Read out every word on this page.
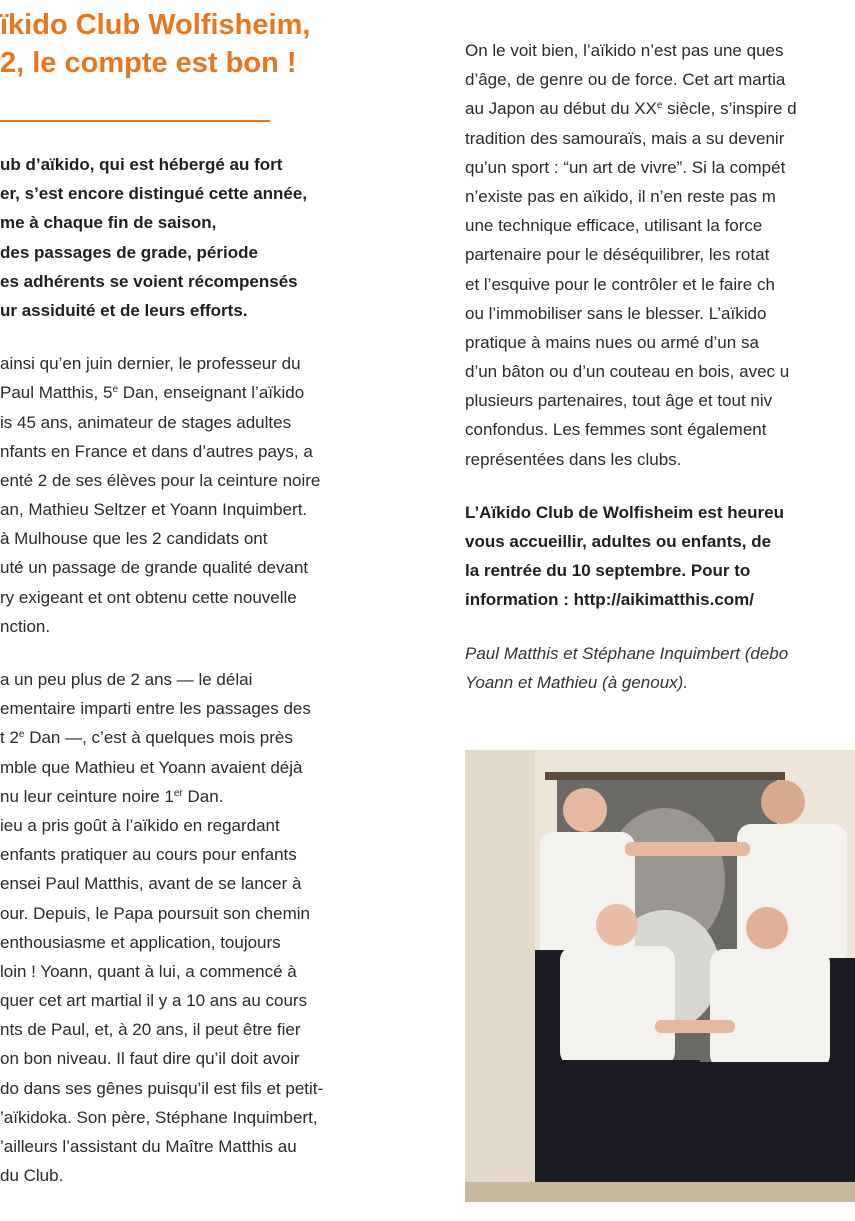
ïkido Club Wolfisheim,
2, le compte est bon !
ub d’aïkido, qui est hébergé au fort
er, s’est encore distingué cette année,
me à chaque fin de saison,
des passages de grade, période
es adhérents se voient récompensés
ur assiduité et de leurs efforts.
ainsi qu’en juin dernier, le professeur du
Paul Matthis, 5e Dan, enseignant l’aïkido
is 45 ans, animateur de stages adultes
nfants en France et dans d’autres pays, a
enté 2 de ses élèves pour la ceinture noire
an, Mathieu Seltzer et Yoann Inquimbert.
à Mulhouse que les 2 candidats ont
uté un passage de grande qualité devant
ry exigeant et ont obtenu cette nouvelle
nction.
a un peu plus de 2 ans — le délai
ementaire imparti entre les passages des
t 2e Dan —, c’est à quelques mois près
mble que Mathieu et Yoann avaient déjà
nu leur ceinture noire 1er Dan.
ieu a pris goût à l’aïkido en regardant
enfants pratiquer au cours pour enfants
ensei Paul Matthis, avant de se lancer à
our. Depuis, le Papa poursuit son chemin
enthousiasme et application, toujours
loin ! Yoann, quant à lui, a commencé à
quer cet art martial il y a 10 ans au cours
nts de Paul, et, à 20 ans, il peut être fier
on bon niveau. Il faut dire qu’il doit avoir
do dans ses gênes puisqu’il est fils et petit-
’aïkidoka. Son père, Stéphane Inquimbert,
’ailleurs l’assistant du Maître Matthis au
du Club.
On le voit bien, l’aïkido n’est pas une ques
d’âge, de genre ou de force. Cet art martia
au Japon au début du XXe siècle, s’inspire d
tradition des samouraïs, mais a su devenir
qu’un sport : “un art de vivre”. Si la compét
n’existe pas en aïkido, il n’en reste pas m
une technique efficace, utilisant la force
partenaire pour le déséquilibrer, les rotat
et l’esquive pour le contrôler et le faire ch
ou l’immobiliser sans le blesser. L’aïkido
pratique à mains nues ou armé d’un sa
d’un bâton ou d’un couteau en bois, avec u
plusieurs partenaires, tout âge et tout niv
confondus. Les femmes sont également
représentées dans les clubs.
L’Aïkido Club de Wolfisheim est heureu
vous accueillir, adultes ou enfants, de
la rentrée du 10 septembre. Pour to
information : http://aikimatthis.com/
Paul Matthis et Stéphane Inquimbert (debo
Yoann et Mathieu (à genoux).
